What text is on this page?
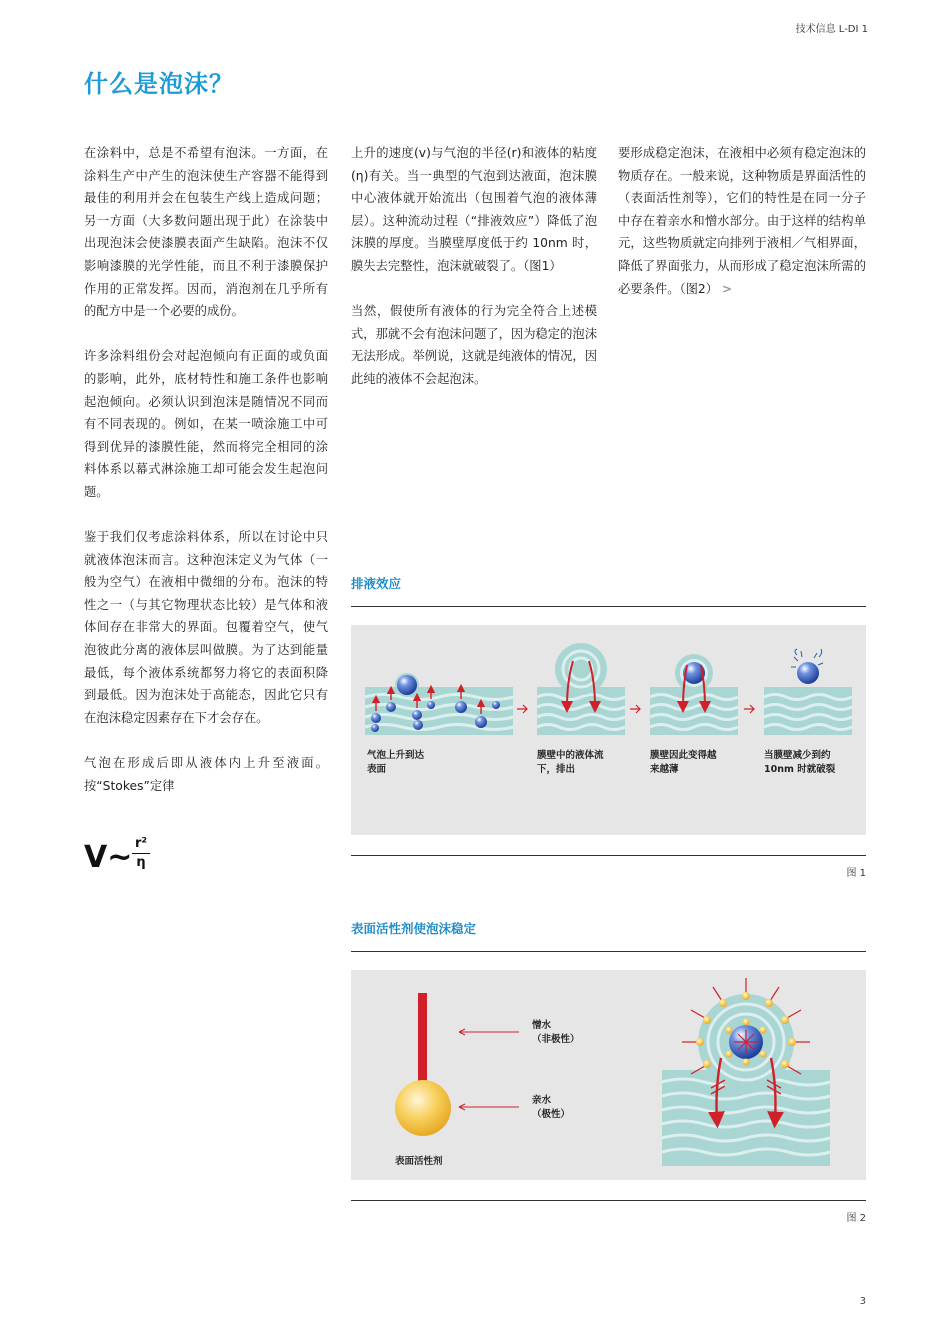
技术信息 L-DI 1
什么是泡沫？

在涂料中，总是不希望有泡沫。一方面，在涂料生产中产生的泡沫使生产容器不能得到最佳的利用并会在包装生产线上造成问题；另一方面（大多数问题出现于此）在涂装中出现泡沫会使漆膜表面产生缺陷。泡沫不仅影响漆膜的光学性能，而且不利于漆膜保护作用的正常发挥。因而，消泡剂在几乎所有的配方中是一个必要的成份。

许多涂料组份会对起泡倾向有正面的或负面的影响，此外，底材特性和施工条件也影响起泡倾向。必须认识到泡沫是随情况不同而有不同表现的。例如，在某一喷涂施工中可得到优异的漆膜性能，然而将完全相同的涂料体系以幕式淋涂施工却可能会发生起泡问题。

鉴于我们仅考虑涂料体系，所以在讨论中只就液体泡沫而言。这种泡沫定义为气体（一般为空气）在液相中微细的分布。泡沫的特性之一（与其它物理状态比较）是气体和液体间存在非常大的界面。包覆着空气，使气泡彼此分离的液体层叫做膜。为了达到能量最低，每个液体系统都努力将它的表面积降到最低。因为泡沫处于高能态，因此它只有在泡沫稳定因素存在下才会存在。

气泡在形成后即从液体内上升至液面。按“Stokes”定律

V~ r²
η

上升的速度(v)与气泡的半径(r)和液体的粘度(η)有关。当一典型的气泡到达液面，泡沫膜中心液体就开始流出（包围着气泡的液体薄层）。这种流动过程（“排液效应”）降低了泡沫膜的厚度。当膜壁厚度低于约 10nm 时，膜失去完整性，泡沫就破裂了。（图1）

当然，假使所有液体的行为完全符合上述模式，那就不会有泡沫问题了，因为稳定的泡沫无法形成。举例说，这就是纯液体的情况，因此纯的液体不会起泡沫。

要形成稳定泡沫，在液相中必须有稳定泡沫的物质存在。一般来说，这种物质是界面活性的（表面活性剂等），它们的特性是在同一分子中存在着亲水和憎水部分。由于这样的结构单元，这些物质就定向排列于液相／气相界面，降低了界面张力，从而形成了稳定泡沫所需的必要条件。（图2） >

排液效应
气泡上升到达
表面
膜壁中的液体流
下，排出
膜壁因此变得越
来越薄
当膜壁减少到约
10nm 时就破裂
图 1
表面活性剂使泡沫稳定
憎水
（非极性）
亲水
（极性）
表面活性剂
图 2
3
